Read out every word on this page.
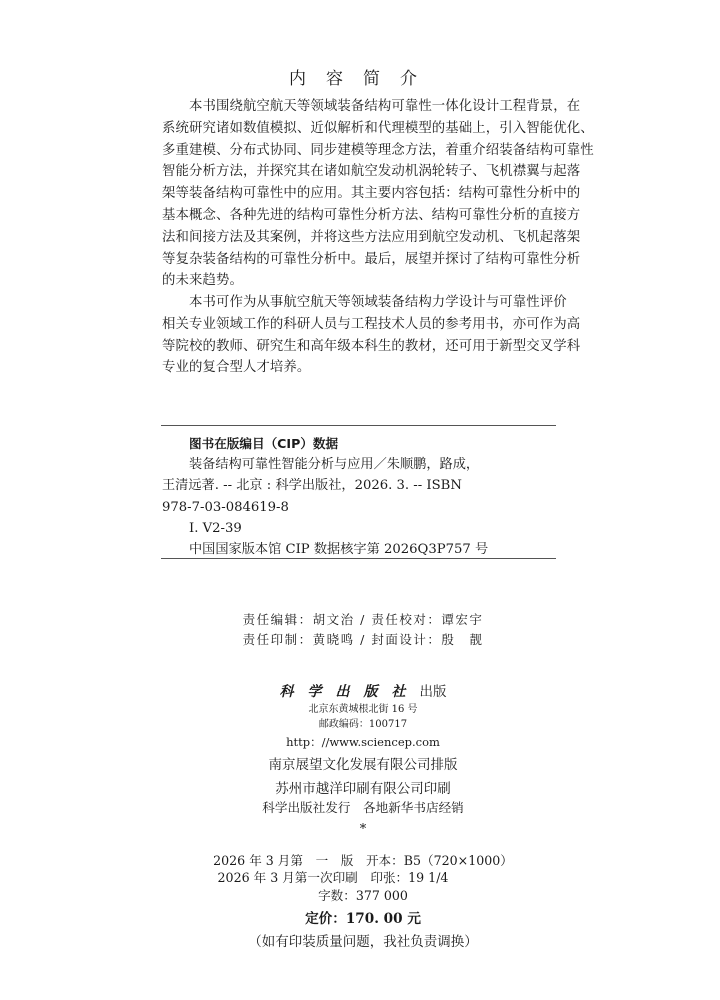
内容简介
　　本书围绕航空航天等领域装备结构可靠性一体化设计工程背景，在
系统研究诸如数值模拟、近似解析和代理模型的基础上，引入智能优化、
多重建模、分布式协同、同步建模等理念方法，着重介绍装备结构可靠性
智能分析方法，并探究其在诸如航空发动机涡轮转子、飞机襟翼与起落
架等装备结构可靠性中的应用。其主要内容包括：结构可靠性分析中的
基本概念、各种先进的结构可靠性分析方法、结构可靠性分析的直接方
法和间接方法及其案例，并将这些方法应用到航空发动机、飞机起落架
等复杂装备结构的可靠性分析中。最后，展望并探讨了结构可靠性分析
的未来趋势。
　　本书可作为从事航空航天等领域装备结构力学设计与可靠性评价
相关专业领域工作的科研人员与工程技术人员的参考用书，亦可作为高
等院校的教师、研究生和高年级本科生的教材，还可用于新型交叉学科
专业的复合型人才培养。
图书在版编目（CIP）数据
装备结构可靠性智能分析与应用／朱顺鹏，路成，
王清远著. -- 北京 : 科学出版社，2026. 3. -- ISBN
978-7-03-084619-8
Ⅰ. V2-39
中国国家版本馆 CIP 数据核字第 2026Q3P757 号
责任编辑：胡文治 / 责任校对：谭宏宇
责任印制：黄晓鸣 / 封面设计：殷　靓
科学出版社出版
北京东黄城根北街 16 号
邮政编码：100717
http：//www.sciencep.com
南京展望文化发展有限公司排版
苏州市越洋印刷有限公司印刷
科学出版社发行　各地新华书店经销
*
2026 年 3 月第　一　版　开本：B5（720×1000）
2026 年 3 月第一次印刷　印张：19 1/4
字数：377 000
定价：170. 00 元
（如有印装质量问题，我社负责调换）
